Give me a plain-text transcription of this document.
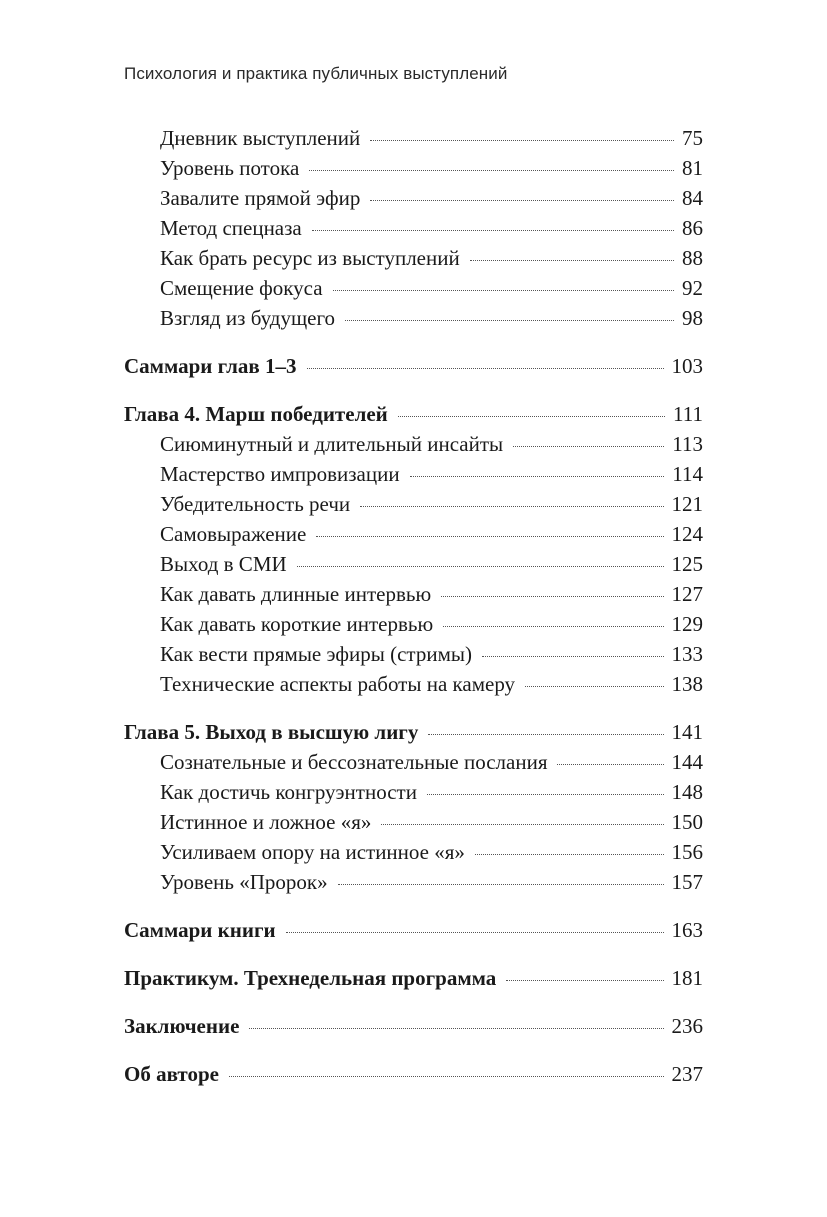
Психология и практика публичных выступлений
Дневник выступлений	75
Уровень потока	81
Завалите прямой эфир	84
Метод спецназа	86
Как брать ресурс из выступлений	88
Смещение фокуса	92
Взгляд из будущего	98
Саммари глав 1–3	103
Глава 4. Марш победителей	111
Сиюминутный и длительный инсайты	113
Мастерство импровизации	114
Убедительность речи	121
Самовыражение	124
Выход в СМИ	125
Как давать длинные интервью	127
Как давать короткие интервью	129
Как вести прямые эфиры (стримы)	133
Технические аспекты работы на камеру	138
Глава 5. Выход в высшую лигу	141
Сознательные и бессознательные послания	144
Как достичь конгруэнтности	148
Истинное и ложное «я»	150
Усиливаем опору на истинное «я»	156
Уровень «Пророк»	157
Саммари книги	163
Практикум. Трехнедельная программа	181
Заключение	236
Об авторе	237
